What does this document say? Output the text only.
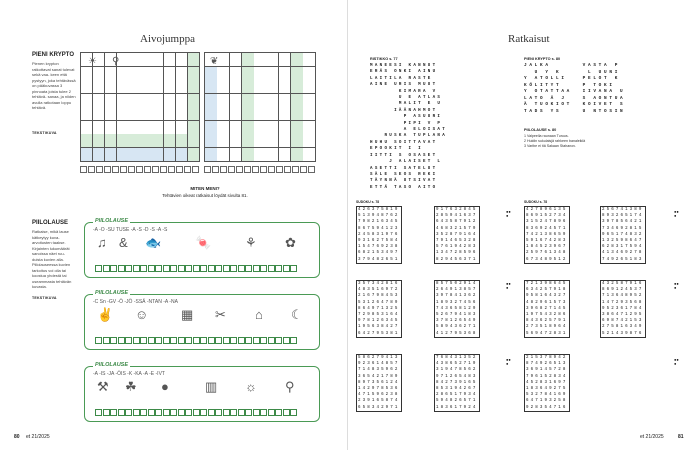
Aivojumppa
PIENI KRYPTO
Pienen krypton ratkottavat sanat tulevat sekä vaa- keen että pystyyn, joka tehtävässä on pääkuvassa 3 pinnoata joista tulee 2 tehtävä- sanaa, ja niiden avulla ratkotaan loppu tehtävä.
TEKSTIKUVA
☀ ⚲	❦
MITEN MENI?
Tehtävien oikeat ratkaisut löydät sivulta 81.
PIILOLAUSE
Ratkaise, mikä lause kätkeytyy kuva- arvoitusten taakse. Kirjainten lukumäärät sanoissa näet ruu- duista kuvien alla. Piilolauseessa kuvien tarkoitus voi olla tai koostua yhdestä tai useammasta tehtävän kuvasta.
TEKSTIKUVA
PIILOLAUSE
♫ & 🐟	🍬	⚘ ✿
-A -O -SU TUSE -A -S -D -S -A -S
PIILOLAUSE
✌ ☺	▦ ✂ ⌂ ☾
-C Sn -GV -Ö -JÖ -SSÄ -NTAN -A -NA
PIILOLAUSE
⚒ ☘ ●	▥ ☼ ⚲
-A -IS -JA -ÖIS -K -KA -A -E -IVT
80 et 21/2025
Ratkaisut
RISTIKKO s. 77
MANEESI KANNUT
ERÄS ONKI AINU
LAITILA RASTE
AINE URIS MUUT
KIMARA V
U E ATLAS
MALIT E U
IÄÄNAHMOT
P ASUURI
PIPI V P
A ELOISAT
RUSKA TUPLANA
HUHU SOITTAVAT
EPOOKIT I I
IITTI S OSASET
J ALAISET L
ASETTI SATELUT
SÄLE SEOS REKI
TÄYNNÄ UTSIVAT
ETTÄ TASO AITO
PIENI KRYPTO s. 80
JALKA      VASTA P
U Y K     L UUNI
Y ATOLLI   PELOT K
KÖLITYT    P TOKI
Y OTATTAA  IIVANA U
LATO Ä J   S AONTUA
Ä TUOKIOT  KOIVET S
TADS YS    U NTOSIN
PIILOLAUSE s. 80
1 Valpeella raunaan Turuus.
2 Huidin sukulaisjä rahkeen banaleiklä
3 Varibe ei tiä Sakaan Stahanov.
SUDOKU s. 78	SUDOKU s. 78
426375819
513948762
798216345
867594123
245831976
931627584
154769238
682153497
379482651
917632845
285941637
643587912
468321579
352879164
791465328
576194283
134728596
829456371
427896135
869152734
315247896
836924571
742138659
591674283
184523967
259761348
673489512
256741389
893265174
397856421
734692815
965174832
132598647
628317594
413469278
749265183
357342816
483516972
216798453
531264789
864971325
729853164
978126345
195638427
642795381
857502914
264913857
397841362
189327456
743658129
526794183
378126549
589436271
412795368
721398645
634257918
958164327
482961573
396827145
197543286
843625791
273518964
569472831
432587916
869124537
713648952
147293568
952361784
386471295
698742153
275816349
521439876
586279413
923614857
714835962
365421789
897356124
142978536
471596238
239165874
658342971
768431352
438652719
319478562
971265483
842739165
853194267
286517934
594826571
183617924
215378942
874926513
369145728
796152834
452831697
183649275
532784169
647193258
928354716
●●
●
●●
●
●●
●
●●
●
●●
●
●●
●
et 21/2025	81
